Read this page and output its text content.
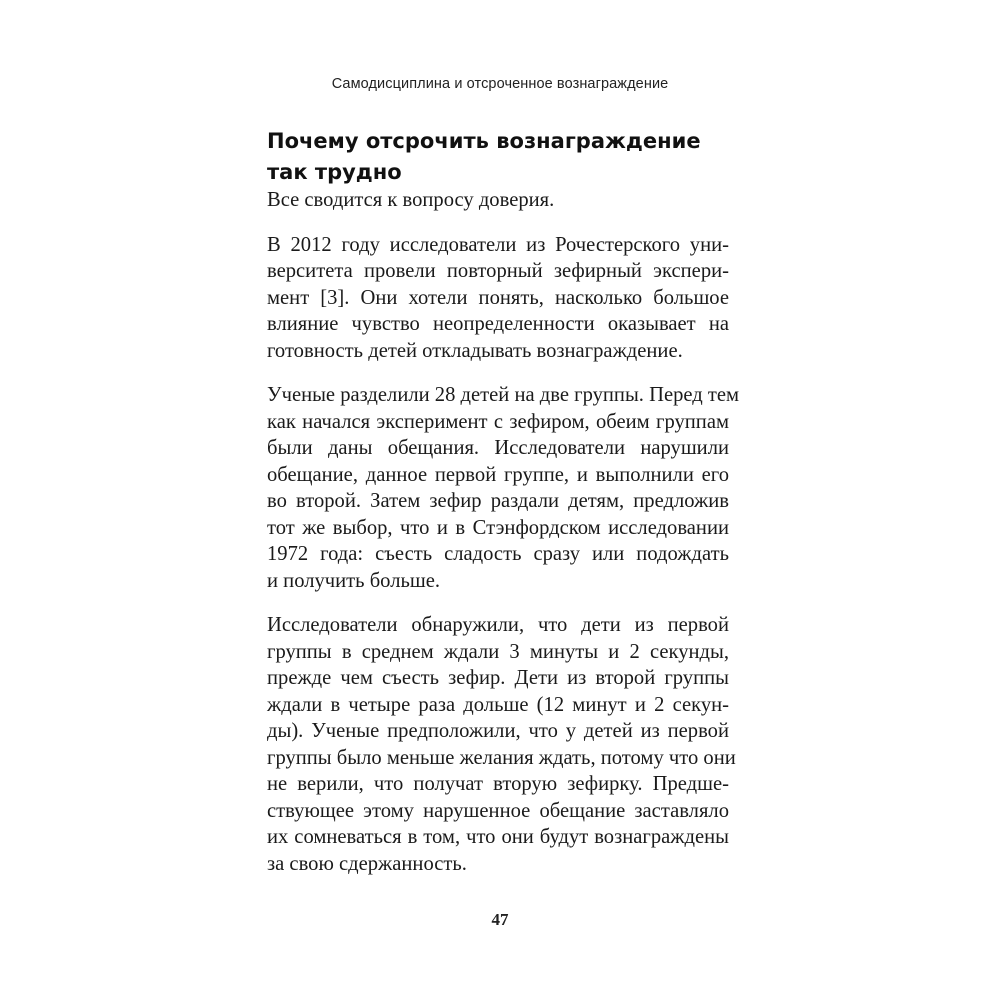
Самодисциплина и отсроченное вознаграждение
Почему отсрочить вознаграждение
так трудно

Все сводится к вопросу доверия.

В 2012 году исследователи из Рочестерского уни-
верситета провели повторный зефирный экспери-
мент [3]. Они хотели понять, насколько большое
влияние чувство неопределенности оказывает на
готовность детей откладывать вознаграждение.

Ученые разделили 28 детей на две группы. Перед тем
как начался эксперимент с зефиром, обеим группам
были даны обещания. Исследователи нарушили
обещание, данное первой группе, и выполнили его
во второй. Затем зефир раздали детям, предложив
тот же выбор, что и в Стэнфордском исследовании
1972 года: съесть сладость сразу или подождать
и получить больше.

Исследователи обнаружили, что дети из первой
группы в среднем ждали 3 минуты и 2 секунды,
прежде чем съесть зефир. Дети из второй группы
ждали в четыре раза дольше (12 минут и 2 секун-
ды). Ученые предположили, что у детей из первой
группы было меньше желания ждать, потому что они
не верили, что получат вторую зефирку. Предше-
ствующее этому нарушенное обещание заставляло
их сомневаться в том, что они будут вознаграждены
за свою сдержанность.

47
